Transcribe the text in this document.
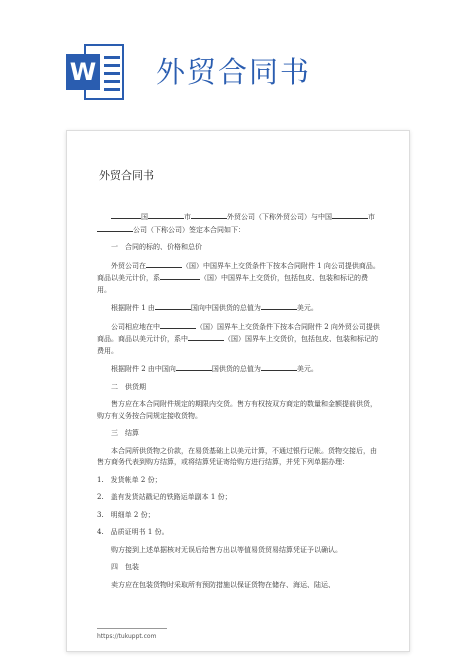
W 外贸合同书
外贸合同书

国	市	外贸公司（下称外贸公司）与中国	市公司（下称公司）签定本合同如下：

一　合同的标的、价格和总价

外贸公司在	（国）中国界车上交货条件下按本合同附件 1 向公司提供商品。商品以美元计价，系	（国）中国界车上交货价，包括包皮、包装和标记的费用。

根据附件 1 由	国向中国供货的总值为	美元。

公司相应地在中	（国）国界车上交货条件下按本合同附件 2 向外贸公司提供商品。商品以美元计价，系中	（国）国界车上交货价，包括包皮、包装和标记的费用。

根据附件 2 由中国向	国供货的总值为	美元。

二　供货期

售方应在本合同附件规定的期限内交货。售方有权按双方商定的数量和金额提前供货，购方有义务按合同规定接收货物。

三　结算

本合同所供货物之价款，在易货基础上以美元计算，不通过银行记帐。货物交接后，由售方商务代表到购方结算，或将结算凭证寄给购方进行结算，并凭下列单据办理：

1.　发货帐单 2 份；

2.　盖有发货站戳记的铁路运单副本 1 份；

3.　明细单 2 份；

4.　品质证明书 1 份。

购方接到上述单据核对无误后给售方出以等值易货贸易结算凭证予以确认。

四　包装

卖方应在包装货物时采取所有预防措施以保证货物在储存、海运、陆运、

https://tukuppt.com
